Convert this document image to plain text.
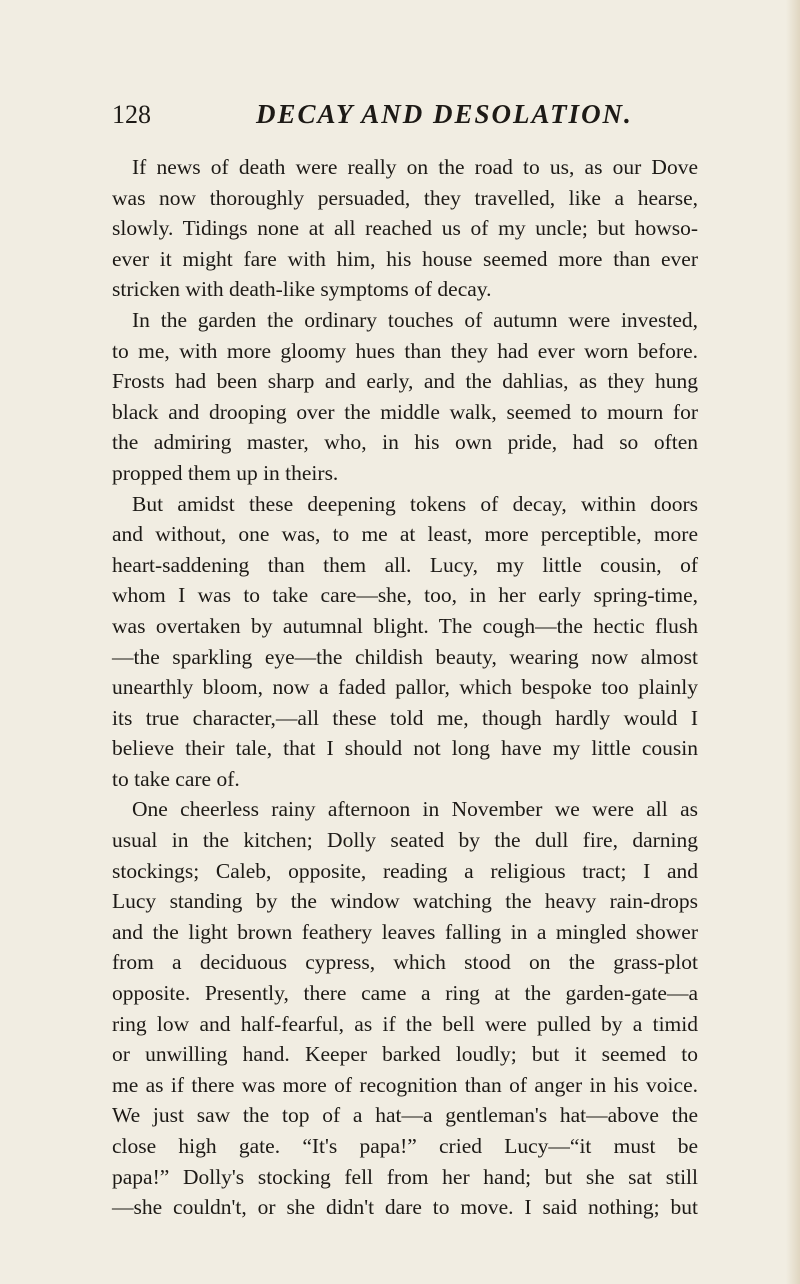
128	DECAY AND DESOLATION.
If news of death were really on the road to us, as our Dove
was now thoroughly persuaded, they travelled, like a hearse,
slowly. Tidings none at all reached us of my uncle; but howso-
ever it might fare with him, his house seemed more than ever
stricken with death-like symptoms of decay.
In the garden the ordinary touches of autumn were invested,
to me, with more gloomy hues than they had ever worn before.
Frosts had been sharp and early, and the dahlias, as they hung
black and drooping over the middle walk, seemed to mourn for
the admiring master, who, in his own pride, had so often
propped them up in theirs.
But amidst these deepening tokens of decay, within doors
and without, one was, to me at least, more perceptible, more
heart-saddening than them all. Lucy, my little cousin, of
whom I was to take care—she, too, in her early spring-time,
was overtaken by autumnal blight. The cough—the hectic flush
—the sparkling eye—the childish beauty, wearing now almost
unearthly bloom, now a faded pallor, which bespoke too plainly
its true character,—all these told me, though hardly would I
believe their tale, that I should not long have my little cousin
to take care of.
One cheerless rainy afternoon in November we were all as
usual in the kitchen; Dolly seated by the dull fire, darning
stockings; Caleb, opposite, reading a religious tract; I and
Lucy standing by the window watching the heavy rain-drops
and the light brown feathery leaves falling in a mingled shower
from a deciduous cypress, which stood on the grass-plot
opposite. Presently, there came a ring at the garden-gate—a
ring low and half-fearful, as if the bell were pulled by a timid
or unwilling hand. Keeper barked loudly; but it seemed to
me as if there was more of recognition than of anger in his voice.
We just saw the top of a hat—a gentleman's hat—above the
close high gate. “It's papa!” cried Lucy—“it must be
papa!” Dolly's stocking fell from her hand; but she sat still
—she couldn't, or she didn't dare to move. I said nothing; but
